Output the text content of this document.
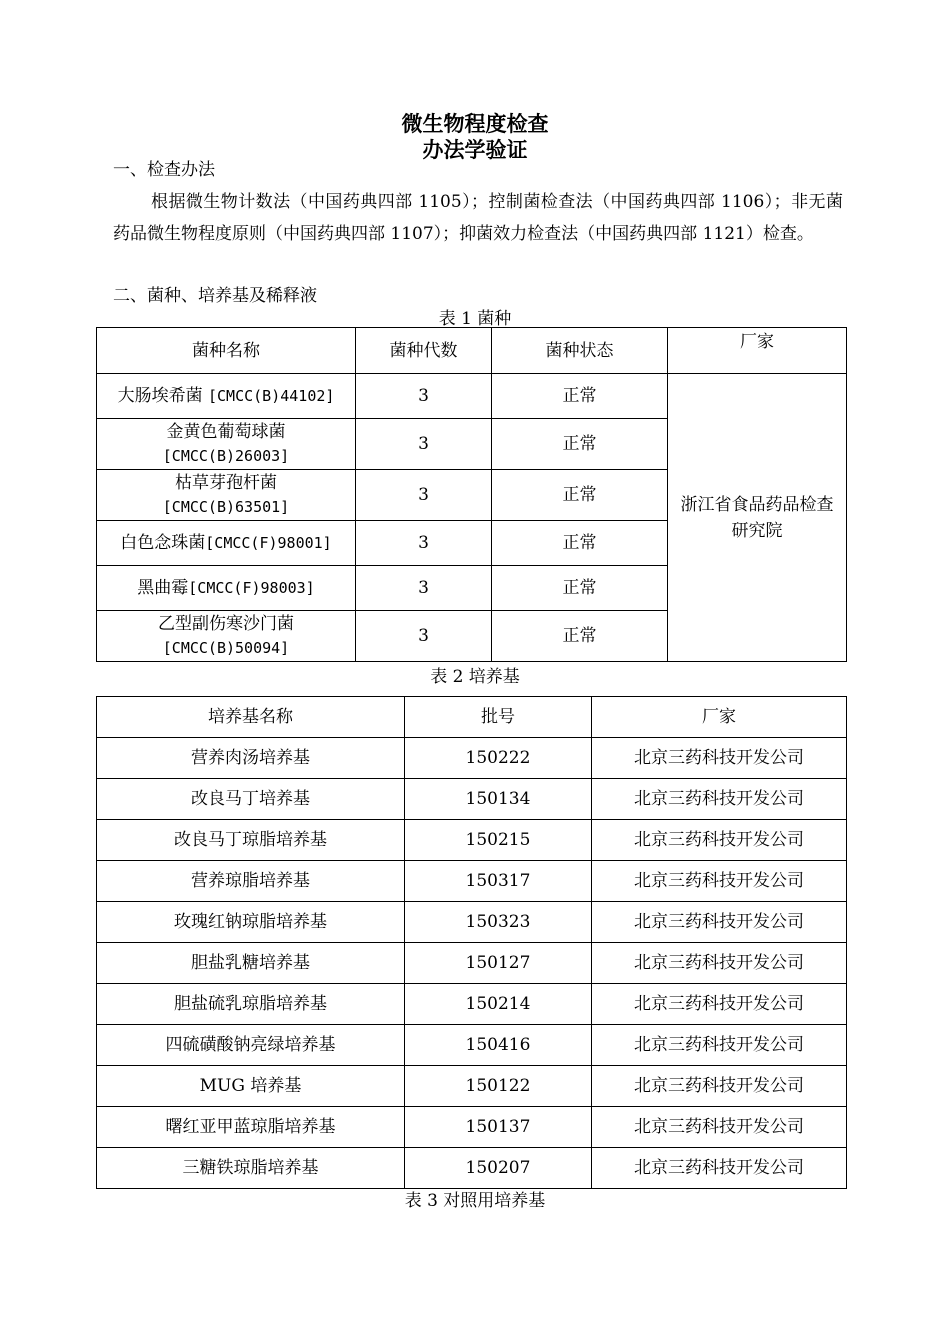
微生物程度检查
办法学验证
一、检查办法
根据微生物计数法（中国药典四部 1105）；控制菌检查法（中国药典四部 1106）；非无菌药品微生物程度原则（中国药典四部 1107）；抑菌效力检查法（中国药典四部 1121）检查。
二、菌种、培养基及稀释液
表 1 菌种
菌种名称	菌种代数	菌种状态	厂家
大肠埃希菌 [CMCC(B)44102]	3	正常	浙江省食品药品检查研究院

金黄色葡萄球菌
[CMCC(B)26003]	3	正常	

枯草芽孢杆菌
[CMCC(B)63501]	3	正常	
白色念珠菌[CMCC(F)98001]	3	正常	
黑曲霉[CMCC(F)98003]	3	正常	

乙型副伤寒沙门菌
[CMCC(B)50094]	3	正常	
表 2 培养基
培养基名称	批号	厂家
营养肉汤培养基	150222	北京三药科技开发公司
改良马丁培养基	150134	北京三药科技开发公司
改良马丁琼脂培养基	150215	北京三药科技开发公司
营养琼脂培养基	150317	北京三药科技开发公司
玫瑰红钠琼脂培养基	150323	北京三药科技开发公司
胆盐乳糖培养基	150127	北京三药科技开发公司
胆盐硫乳琼脂培养基	150214	北京三药科技开发公司
四硫磺酸钠亮绿培养基	150416	北京三药科技开发公司
MUG 培养基	150122	北京三药科技开发公司
曙红亚甲蓝琼脂培养基	150137	北京三药科技开发公司
三糖铁琼脂培养基	150207	北京三药科技开发公司
表 3 对照用培养基
